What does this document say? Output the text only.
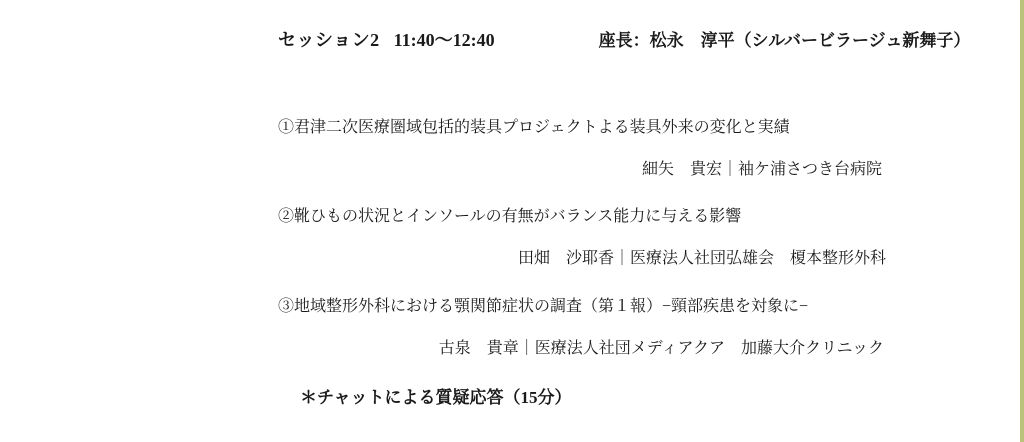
セッション2 11:40〜12:40	座長：松永　淳平（シルバービラージュ新舞子）
①君津二次医療圏域包括的装具プロジェクトよる装具外来の変化と実績
細矢　貴宏｜袖ケ浦さつき台病院
②靴ひもの状況とインソールの有無がバランス能力に与える影響
田畑　沙耶香｜医療法人社団弘雄会　榎本整形外科
③地域整形外科における顎関節症状の調査（第１報）−頸部疾患を対象に−
古泉　貴章｜医療法人社団メディアクア　加藤大介クリニック
＊チャットによる質疑応答（15分）
